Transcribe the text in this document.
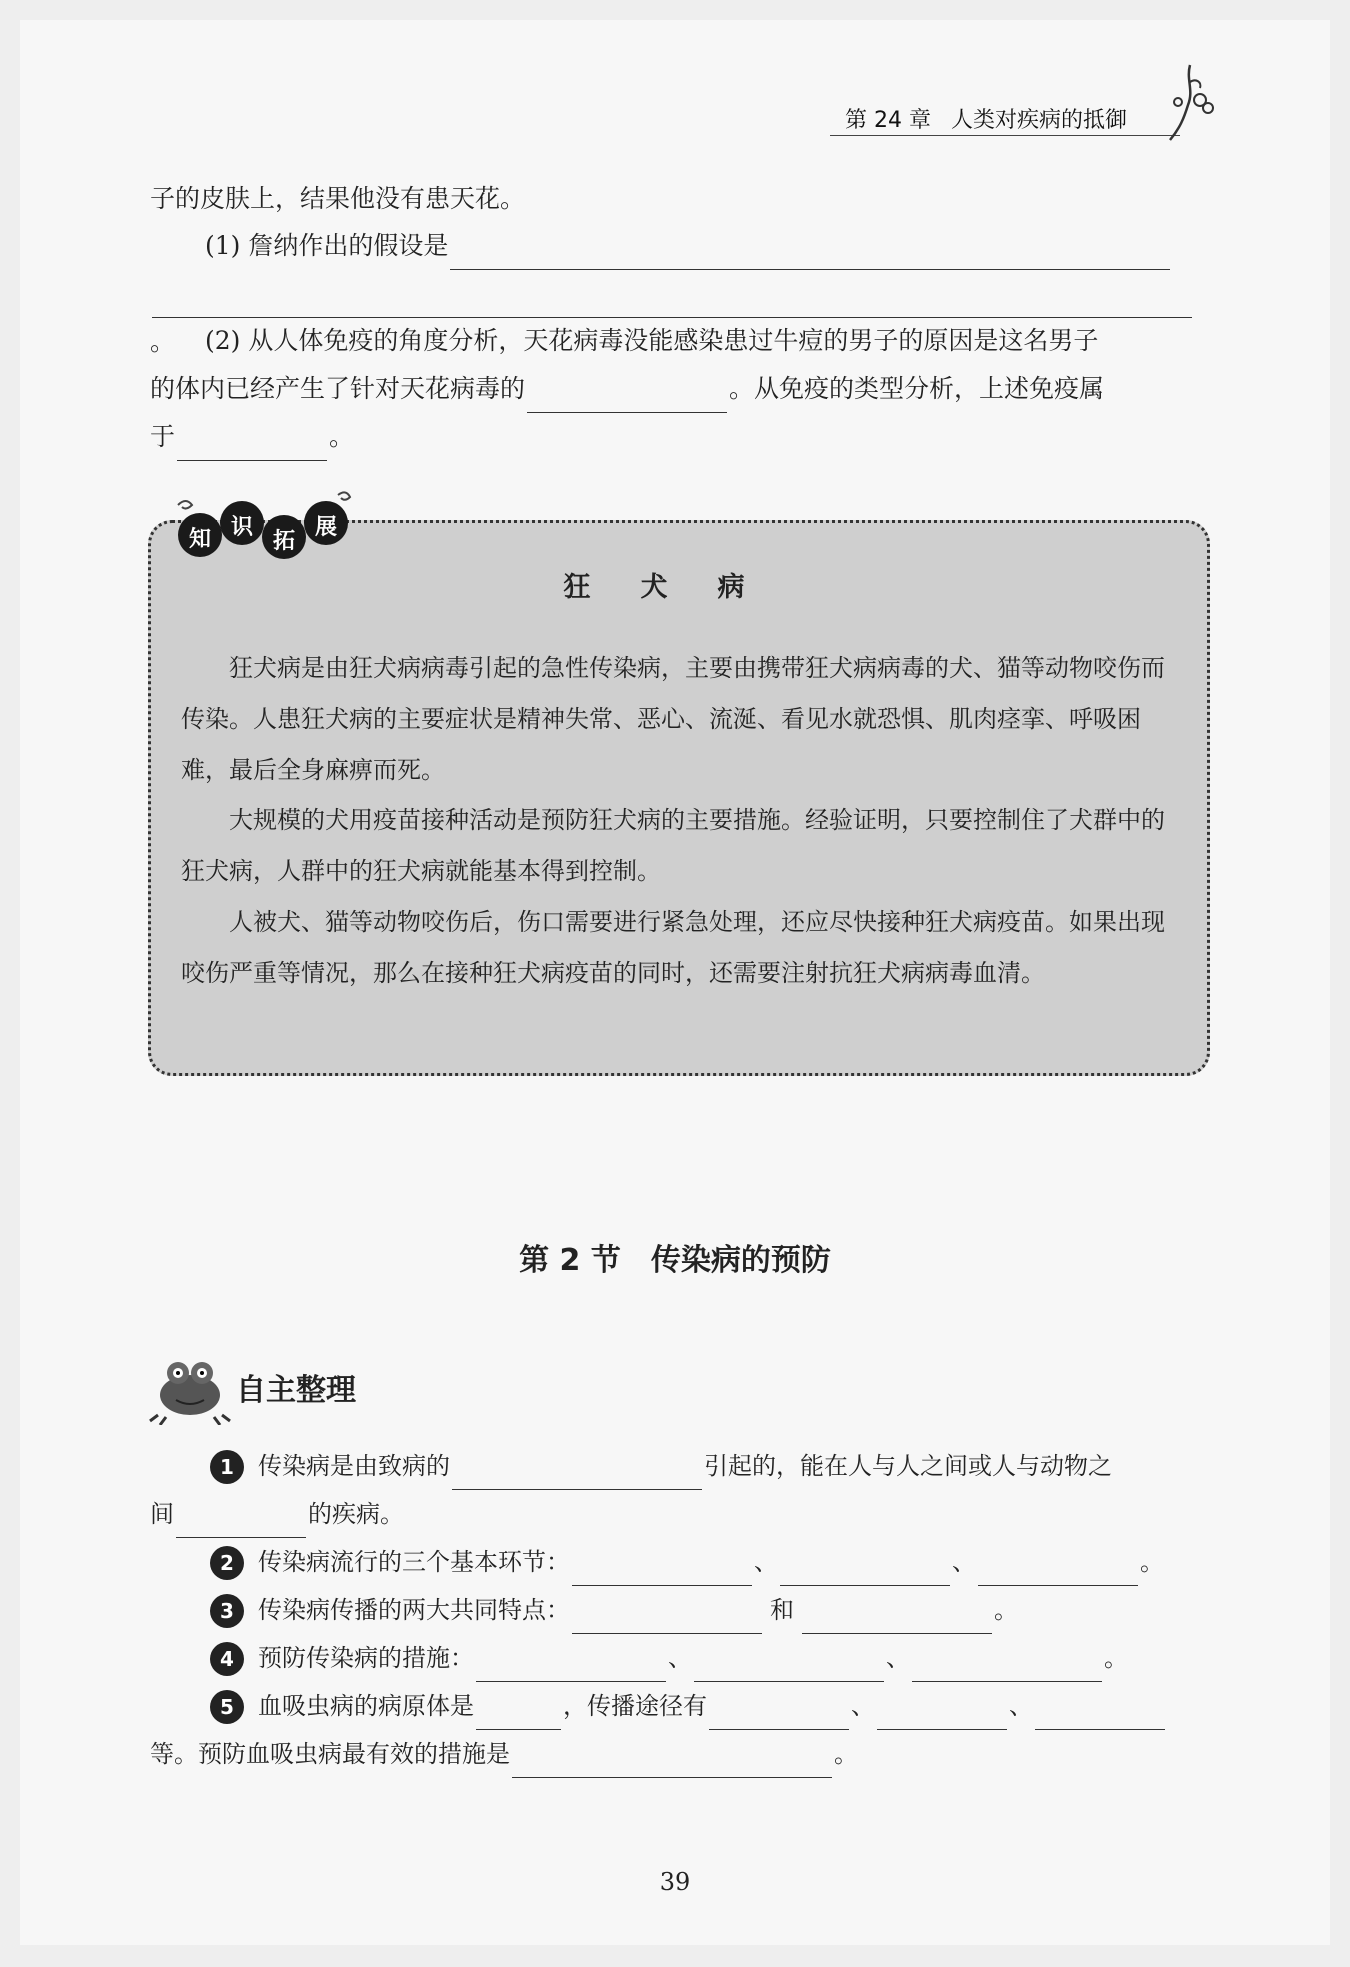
第 24 章 人类对疾病的抵御
子的皮肤上，结果他没有患天花。
(1) 詹纳作出的假设是
。	(2) 从人体免疫的角度分析，天花病毒没能感染患过牛痘的男子的原因是这名男子
的体内已经产生了针对天花病毒的	。从免疫的类型分析，上述免疫属
于	。
狂犬病
狂犬病是由狂犬病病毒引起的急性传染病，主要由携带狂犬病病毒的犬、猫等动物咬伤而传染。人患狂犬病的主要症状是精神失常、恶心、流涎、看见水就恐惧、肌肉痉挛、呼吸困难，最后全身麻痹而死。
大规模的犬用疫苗接种活动是预防狂犬病的主要措施。经验证明，只要控制住了犬群中的狂犬病，人群中的狂犬病就能基本得到控制。
人被犬、猫等动物咬伤后，伤口需要进行紧急处理，还应尽快接种狂犬病疫苗。如果出现咬伤严重等情况，那么在接种狂犬病疫苗的同时，还需要注射抗狂犬病病毒血清。
知 识
拓
展
第 2 节　传染病的预防
自主整理
1 传染病是由致病的	引起的，能在人与人之间或人与动物之
间	的疾病。
2 传染病流行的三个基本环节：	、	、	。
3 传染病传播的两大共同特点：	和	。
4 预防传染病的措施：	、	、	。
5 血吸虫病的病原体是	，传播途径有	、	、
等。预防血吸虫病最有效的措施是	。
39
